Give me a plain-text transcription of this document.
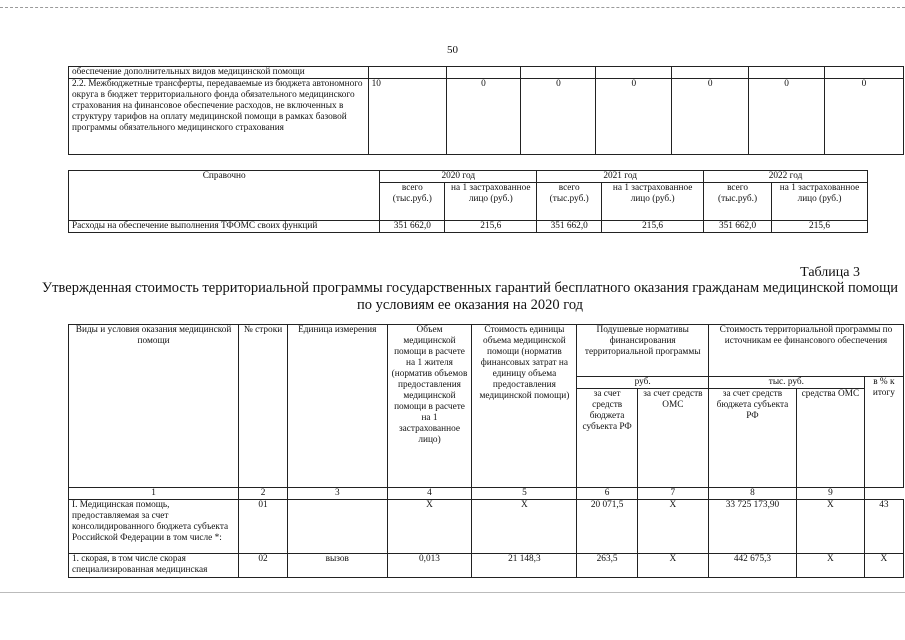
50
обеспечение дополнительных видов медицинской помощи							
2.2. Межбюджетные трансферты, передаваемые из бюджета автономного округа в бюджет территориального фонда обязательного медицинского страхования на финансовое обеспечение расходов, не включенных в структуру тарифов на оплату медицинской помощи в рамках базовой программы обязательного медицинского страхования	10	0	0	0	0	0	0
Справочно	2020 год		2021 год		2022 год	
	всего (тыс.руб.)	на 1 застрахованное лицо (руб.)	всего (тыс.руб.)	на 1 застрахованное лицо (руб.)	всего (тыс.руб.)	на 1 застрахованное лицо (руб.)
Расходы на обеспечение выполнения ТФОМС своих функций	351 662,0	215,6	351 662,0	215,6	351 662,0	215,6
Таблица 3
Утвержденная стоимость территориальной программы государственных гарантий бесплатного оказания гражданам медицинской помощи по условиям ее оказания на 2020 год
Виды и условия оказания медицинской помощи	№ строки	Единица измерения	Объем медицинской помощи в расчете на 1 жителя (норматив объемов предоставления медицинской помощи в расчете на 1 застрахованное лицо)	Стоимость единицы объема медицинской помощи (норматив финансовых затрат на единицу объема предоставления медицинской помощи)	Подушевые нормативы финансирования территориальной программы		Стоимость территориальной программы по источникам ее финансового обеспечения		
					руб.		тыс. руб.		в % к итогу
					за счет средств бюджета субъекта РФ	за счет средств ОМС	за счет средств бюджета субъекта РФ	средства ОМС	
1	2	3	4	5	6	7	8	9	
I. Медицинская помощь, предоставляемая за счет консолидированного бюджета субъекта Российской Федерации в том числе *:	01		X	X	20 071,5	X	33 725 173,90	X	43
1. скорая, в том числе скорая специализированная медицинская	02	вызов	0,013	21 148,3	263,5	X	442 675,3	X	X
